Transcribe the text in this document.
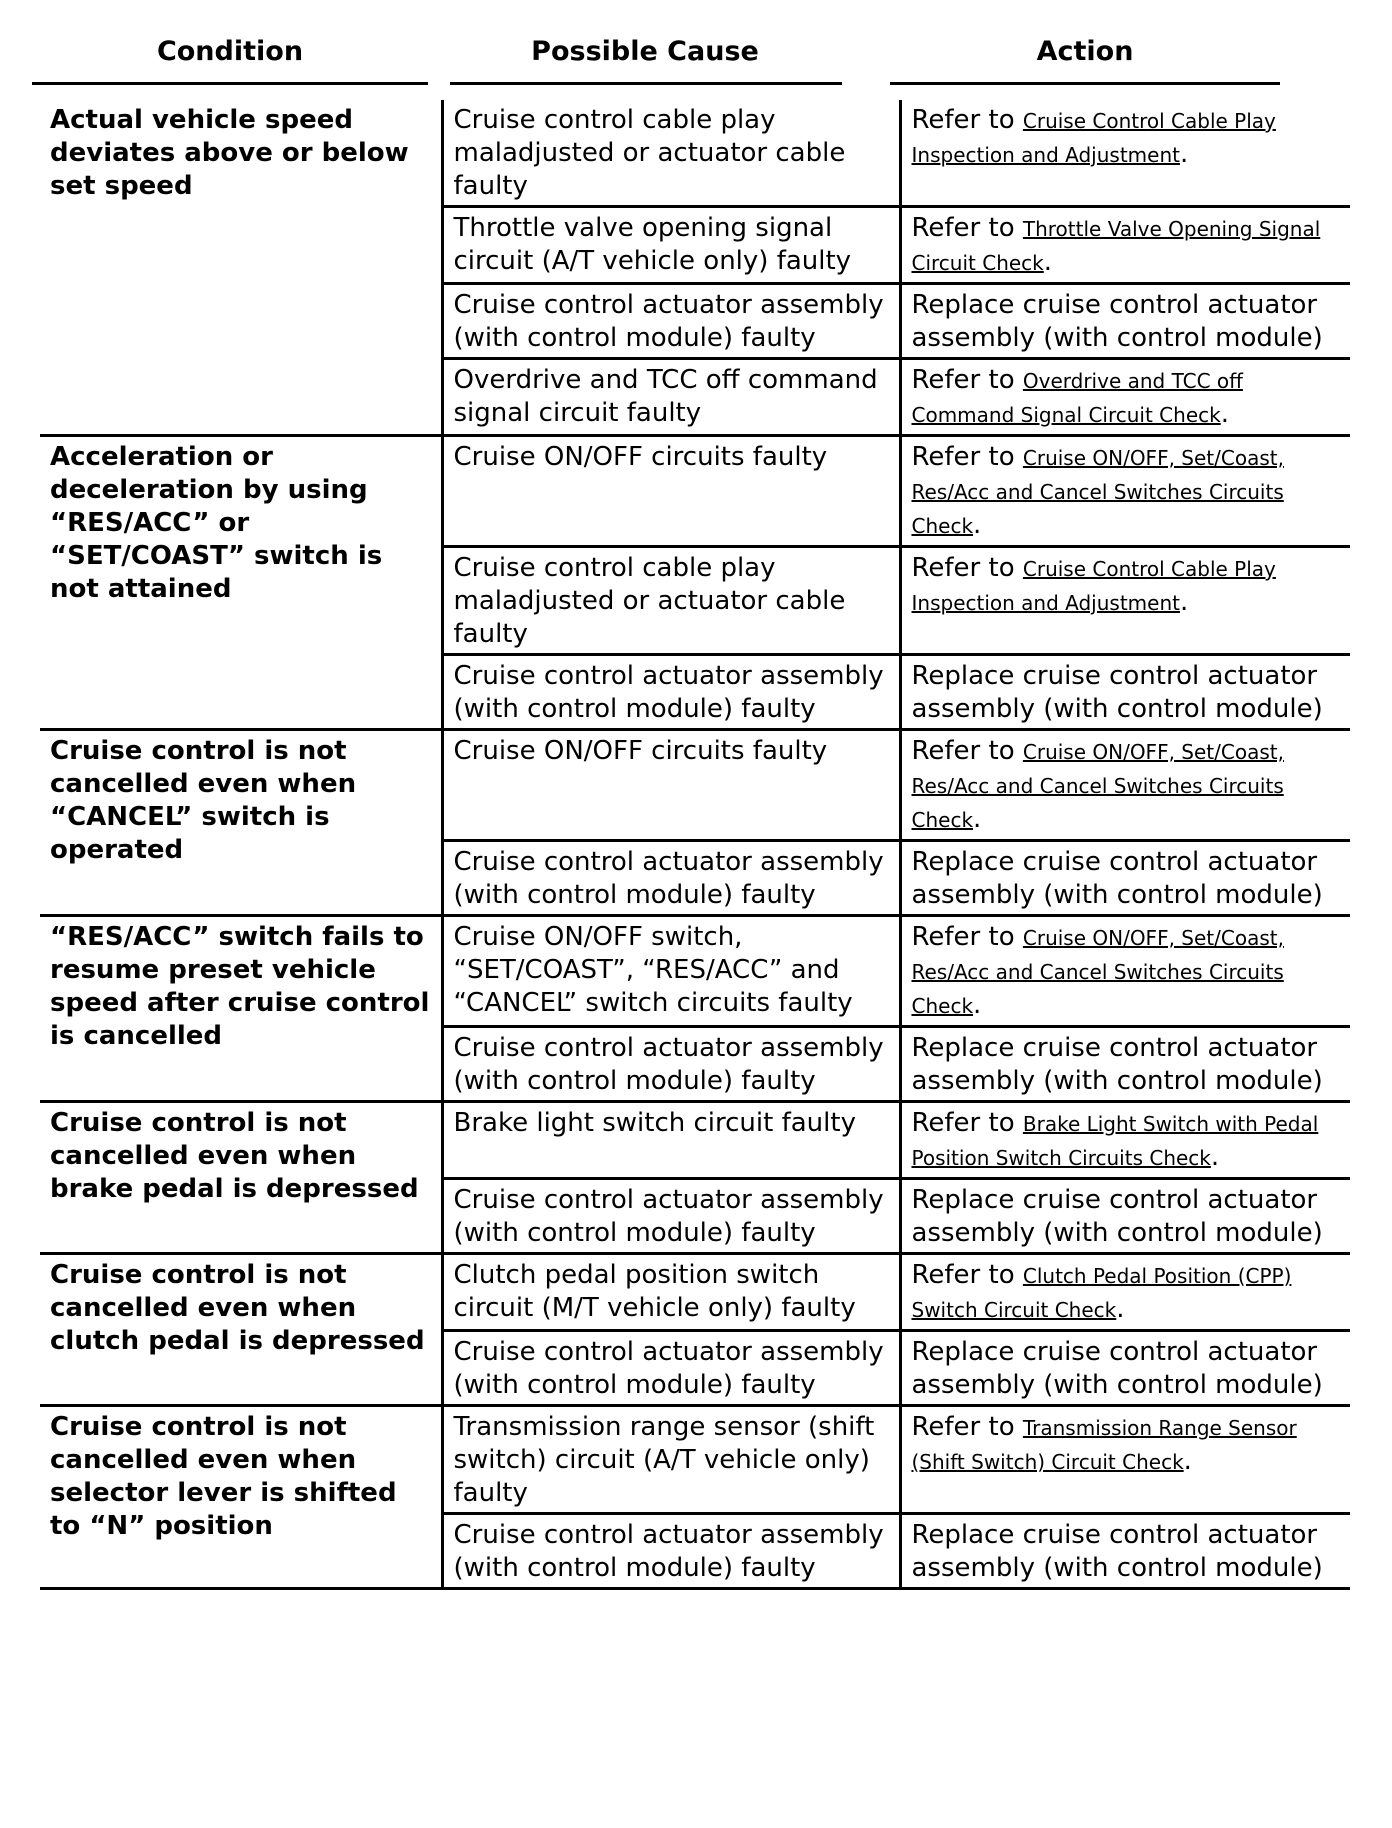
Condition	Possible Cause	Action
Actual vehicle speed deviates above or below set speed	Cruise control cable play maladjusted or actuator cable faulty	Refer to Cruise Control Cable Play Inspection and Adjustment.
	Throttle valve opening signal circuit (A/T vehicle only) faulty	Refer to Throttle Valve Opening Signal Circuit Check.
	Cruise control actuator assembly (with control module) faulty	Replace cruise control actuator assembly (with control module)
	Overdrive and TCC off command signal circuit faulty	Refer to Overdrive and TCC off Command Signal Circuit Check.
Acceleration or deceleration by using “RES/ACC” or “SET/COAST” switch is not attained	Cruise ON/OFF circuits faulty	Refer to Cruise ON/OFF, Set/Coast, Res/Acc and Cancel Switches Circuits Check.
	Cruise control cable play maladjusted or actuator cable faulty	Refer to Cruise Control Cable Play Inspection and Adjustment.
	Cruise control actuator assembly (with control module) faulty	Replace cruise control actuator assembly (with control module)
Cruise control is not cancelled even when “CANCEL” switch is operated	Cruise ON/OFF circuits faulty	Refer to Cruise ON/OFF, Set/Coast, Res/Acc and Cancel Switches Circuits Check.
	Cruise control actuator assembly (with control module) faulty	Replace cruise control actuator assembly (with control module)
“RES/ACC” switch fails to resume preset vehicle speed after cruise control is cancelled	Cruise ON/OFF switch, “SET/COAST”, “RES/ACC” and “CANCEL” switch circuits faulty	Refer to Cruise ON/OFF, Set/Coast, Res/Acc and Cancel Switches Circuits Check.
	Cruise control actuator assembly (with control module) faulty	Replace cruise control actuator assembly (with control module)
Cruise control is not cancelled even when brake pedal is depressed	Brake light switch circuit faulty	Refer to Brake Light Switch with Pedal Position Switch Circuits Check.
	Cruise control actuator assembly (with control module) faulty	Replace cruise control actuator assembly (with control module)
Cruise control is not cancelled even when clutch pedal is depressed	Clutch pedal position switch circuit (M/T vehicle only) faulty	Refer to Clutch Pedal Position (CPP) Switch Circuit Check.
	Cruise control actuator assembly (with control module) faulty	Replace cruise control actuator assembly (with control module)
Cruise control is not cancelled even when selector lever is shifted to “N” position	Transmission range sensor (shift switch) circuit (A/T vehicle only) faulty	Refer to Transmission Range Sensor (Shift Switch) Circuit Check.
	Cruise control actuator assembly (with control module) faulty	Replace cruise control actuator assembly (with control module)
